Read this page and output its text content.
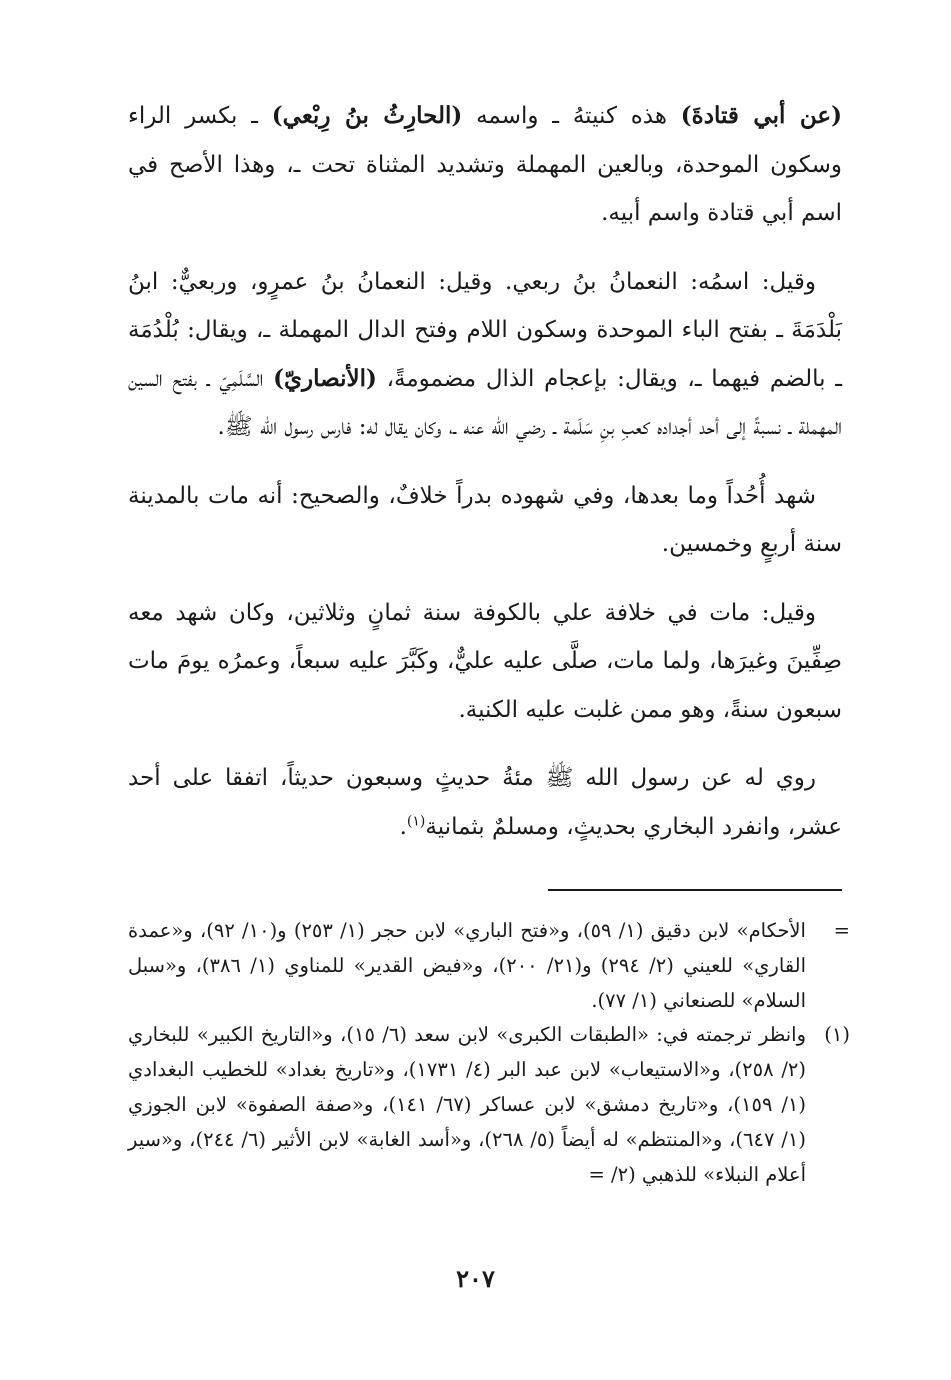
(عن أبي قتادةَ) هذه كنيتهُ ـ واسمه (الحارِثُ بنُ رِبْعي) ـ بكسر الراء وسكون الموحدة، وبالعين المهملة وتشديد المثناة تحت ـ، وهذا الأصح في اسم أبي قتادة واسم أبيه.

وقيل: اسمُه: النعمانُ بنُ ربعي. وقيل: النعمانُ بنُ عمرٍو، وربعيٌّ: ابنُ بَلْدَمَةَ ـ بفتح الباء الموحدة وسكون اللام وفتح الدال المهملة ـ، ويقال: بُلْدُمَة ـ بالضم فيهما ـ، ويقال: بإعجام الذال مضمومةً، (الأنصاريّ) السَّلَمِيّ ـ بفتح السين المهملة ـ نسبةً إلى أحد أجداده كعبِ بنِ سَلَمة ـ رضي الله عنه ـ، وكان يقال له: فارس رسول الله ﷺ.

شهد أُحُداً وما بعدها، وفي شهوده بدراً خلافٌ، والصحيح: أنه مات بالمدينة سنة أربعٍ وخمسين.

وقيل: مات في خلافة علي بالكوفة سنة ثمانٍ وثلاثين، وكان شهد معه صِفِّينَ وغيرَها، ولما مات، صلَّى عليه عليٌّ، وكَبَّرَ عليه سبعاً، وعمرُه يومَ مات سبعون سنةً، وهو ممن غلبت عليه الكنية.

روي له عن رسول الله ﷺ مئةُ حديثٍ وسبعون حديثاً، اتفقا على أحد عشر، وانفرد البخاري بحديثٍ، ومسلمٌ بثمانية$^{(١)}$.

=
الأحكام» لابن دقيق (١/ ٥٩)، و«فتح الباري» لابن حجر (١/ ٢٥٣) و(١٠/ ٩٢)، و«عمدة القاري» للعيني (٢/ ٢٩٤) و(٢١/ ٢٠٠)، و«فيض القدير» للمناوي (١/ ٣٨٦)، و«سبل السلام» للصنعاني (١/ ٧٧).
(١)
وانظر ترجمته في: «الطبقات الكبرى» لابن سعد (٦/ ١٥)، و«التاريخ الكبير» للبخاري (٢/ ٢٥٨)، و«الاستيعاب» لابن عبد البر (٤/ ١٧٣١)، و«تاريخ بغداد» للخطيب البغدادي (١/ ١٥٩)، و«تاريخ دمشق» لابن عساكر (٦٧/ ١٤١)، و«صفة الصفوة» لابن الجوزي (١/ ٦٤٧)، و«المنتظم» له أيضاً (٥/ ٢٦٨)، و«أسد الغابة» لابن الأثير (٦/ ٢٤٤)، و«سير أعلام النبلاء» للذهبي (٢/ =
٢٠٧
